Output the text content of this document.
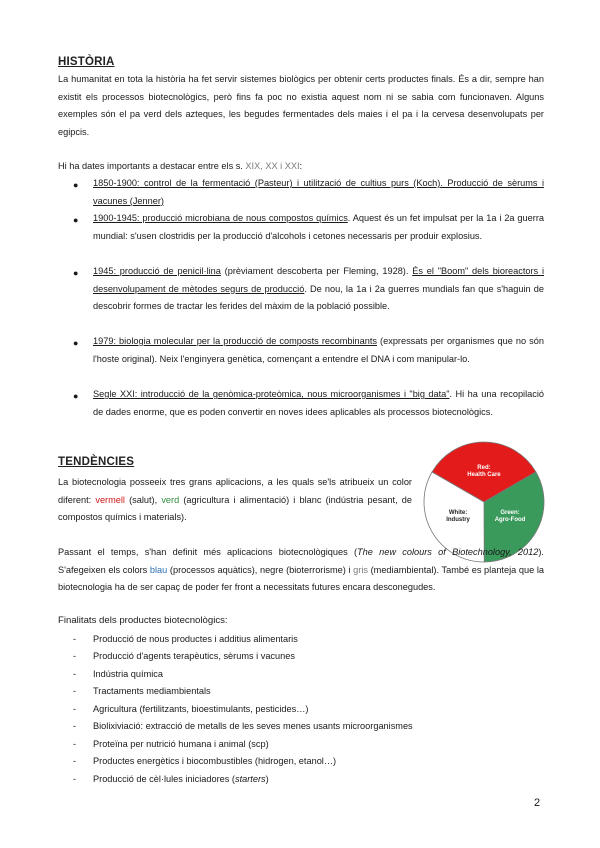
HISTÒRIA
La humanitat en tota la història ha fet servir sistemes biològics per obtenir certs productes finals. És a dir, sempre han existit els processos biotecnològics, però fins fa poc no existia aquest nom ni se sabia com funcionaven. Alguns exemples són el pa verd dels azteques, les begudes fermentades dels maies i el pa i la cervesa desenvolupats per egipcis.
Hi ha dates importants a destacar entre els s. XIX, XX i XXI:
● 1850-1900: control de la fermentació (Pasteur) i utilització de cultius purs (Koch). Producció de sèrums i vacunes (Jenner)
● 1900-1945: producció microbiana de nous compostos químics. Aquest és un fet impulsat per la 1a i 2a guerra mundial: s'usen clostridis per la producció d'alcohols i cetones necessaris per produir explosius.
● 1945: producció de penicil·lina (prèviament descoberta per Fleming, 1928). És el "Boom" dels bioreactors i desenvolupament de mètodes segurs de producció. De nou, la 1a i 2a guerres mundials fan que s'haguin de descobrir formes de tractar les ferides del màxim de la població possible.
● 1979: biologia molecular per la producció de composts recombinants (expressats per organismes que no són l'hoste original). Neix l'enginyera genètica, començant a entendre el DNA i com manipular-lo.
● Segle XXI: introducció de la genòmica-proteòmica, nous microorganismes i "big data". Hi ha una recopilació de dades enorme, que es poden convertir en noves idees aplicables als processos biotecnològics.
TENDÈNCIES
La biotecnologia posseeix tres grans aplicacions, a les quals se'ls atribueix un color diferent: vermell (salut), verd (agricultura i alimentació) i blanc (indústria pesant, de compostos químics i materials).
Red: Health Care
Green: Agro-Food
White: Industry
Passant el temps, s'han definit més aplicacions biotecnològiques (The new colours of Biotechnology, 2012). S'afegeixen els colors blau (processos aquàtics), negre (bioterrorisme) i gris (mediambiental). També es planteja que la biotecnologia ha de ser capaç de poder fer front a necessitats futures encara desconegudes.
Finalitats dels productes biotecnològics:
- Producció de nous productes i additius alimentaris
- Producció d'agents terapèutics, sèrums i vacunes
- Indústria química
- Tractaments mediambientals
- Agricultura (fertilitzants, bioestimulants, pesticides…)
- Biolixiviació: extracció de metalls de les seves menes usants microorganismes
- Proteïna per nutrició humana i animal (scp)
- Productes energètics i biocombustibles (hidrogen, etanol…)
- Producció de cèl·lules iniciadores (starters)
2
